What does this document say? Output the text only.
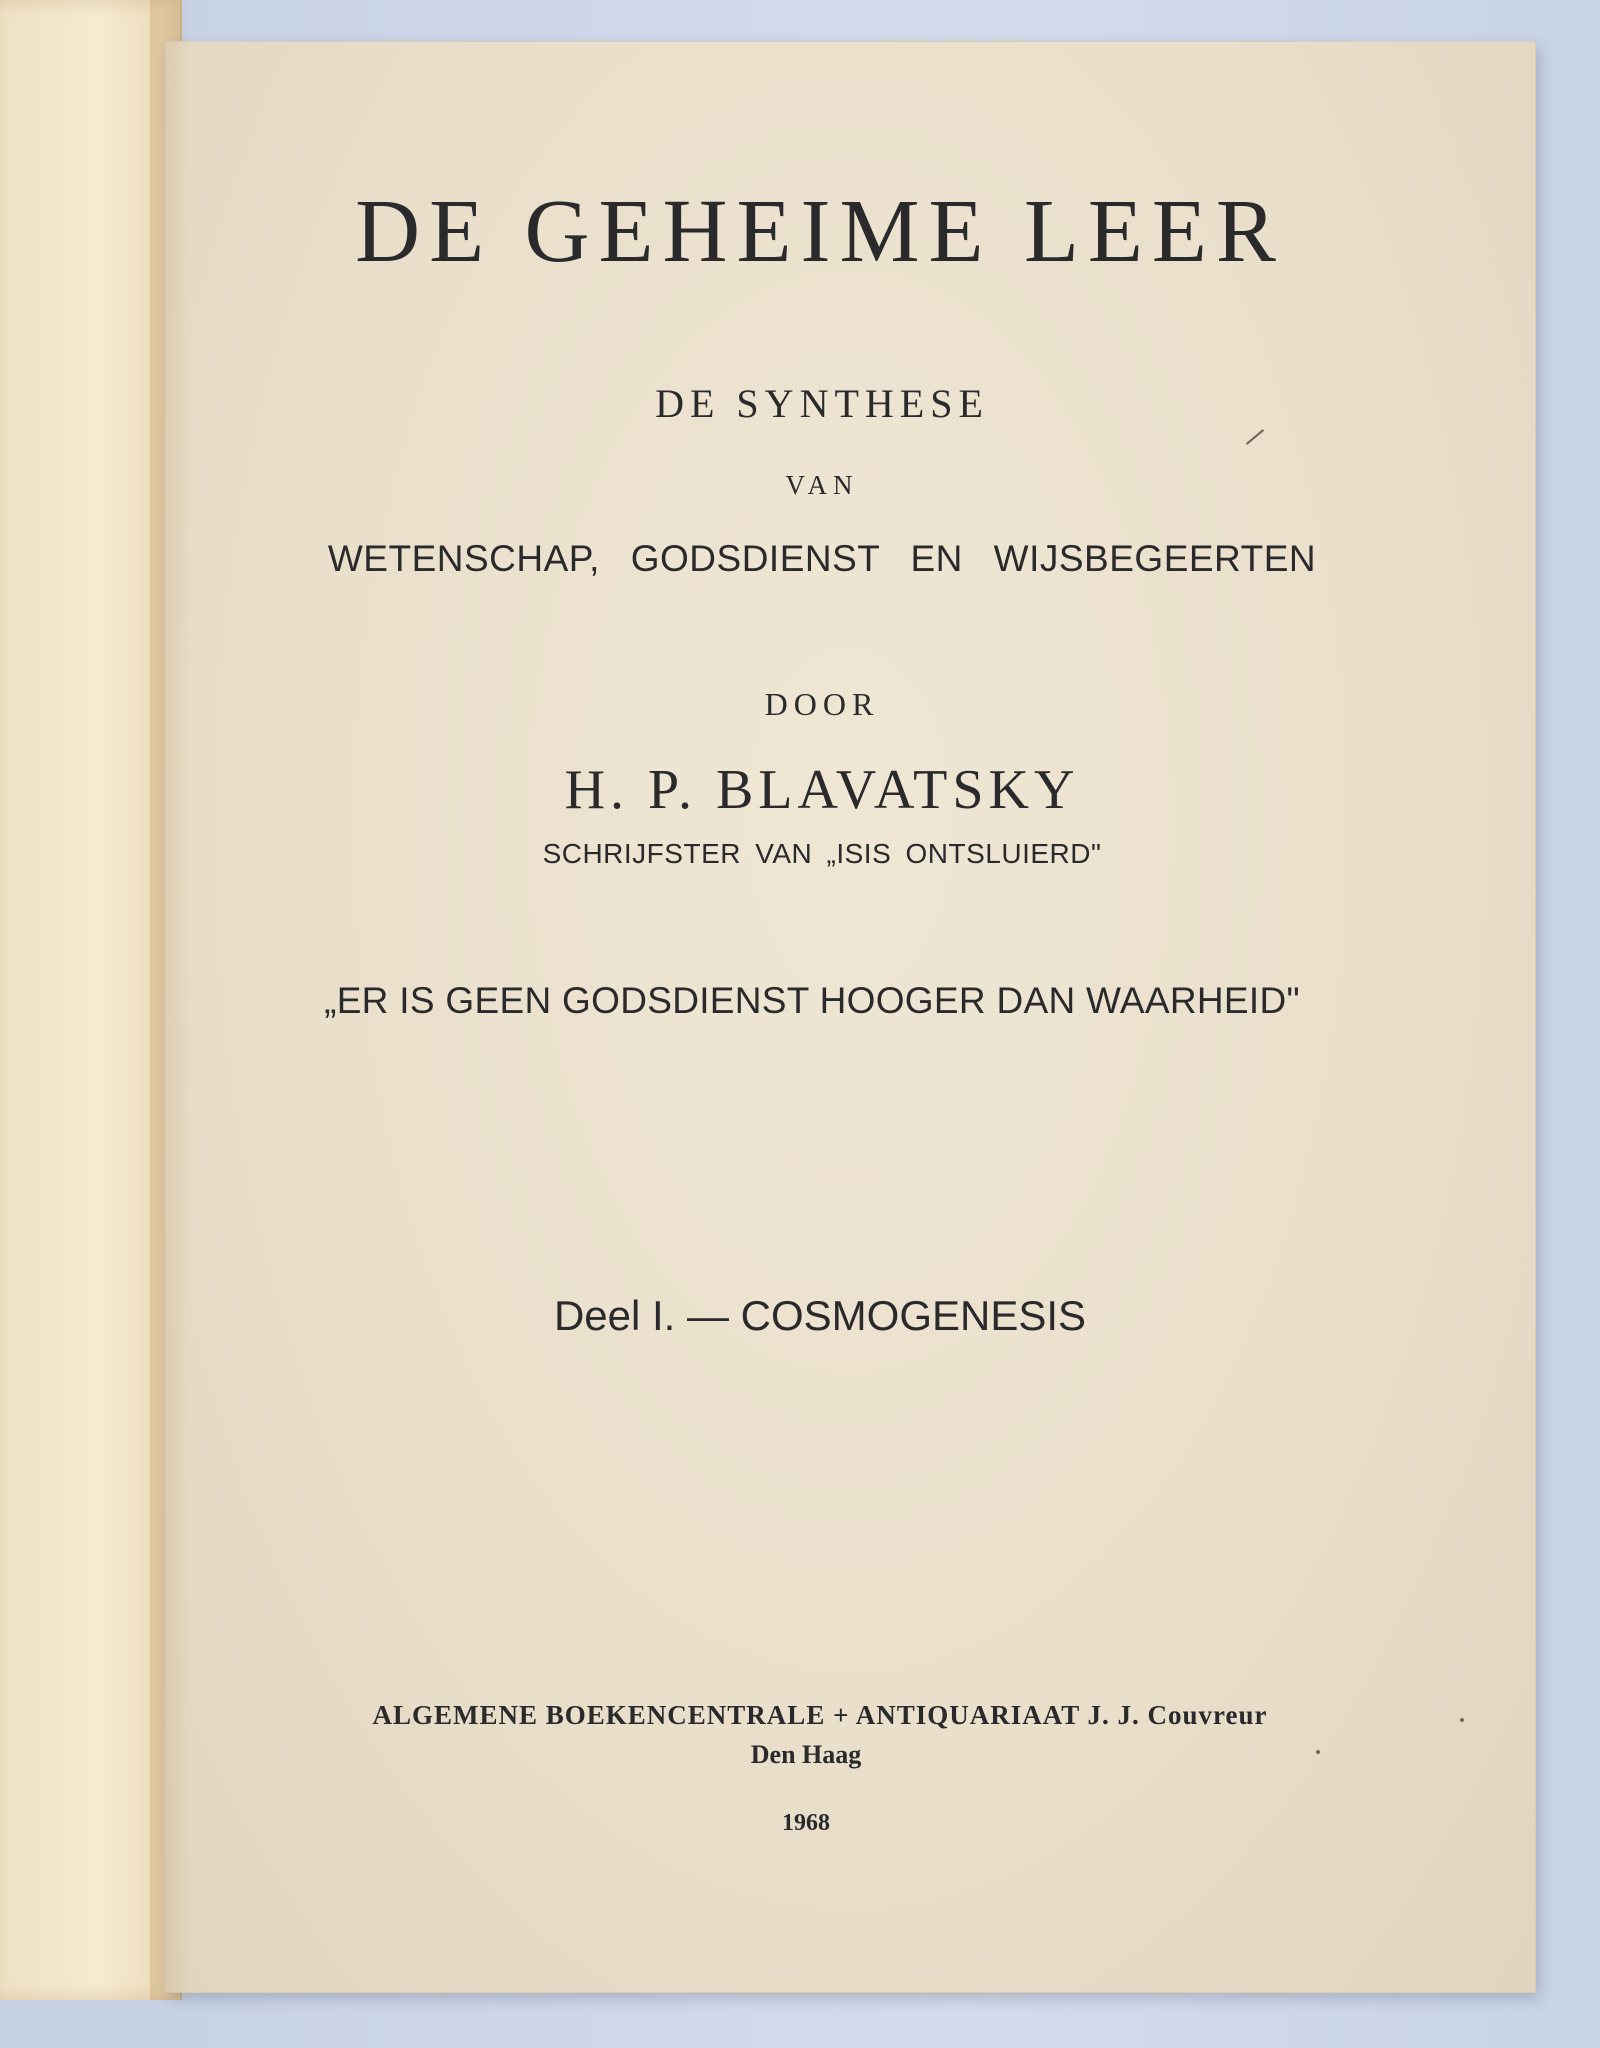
DE GEHEIME LEER
DE SYNTHESE
VAN
WETENSCHAP, GODSDIENST EN WIJSBEGEERTEN
DOOR
H. P. BLAVATSKY
SCHRIJFSTER VAN „ISIS ONTSLUIERD"
„ER IS GEEN GODSDIENST HOOGER DAN WAARHEID"
Deel I. — COSMOGENESIS
ALGEMENE BOEKENCENTRALE + ANTIQUARIAAT J. J. Couvreur
Den Haag
1968
